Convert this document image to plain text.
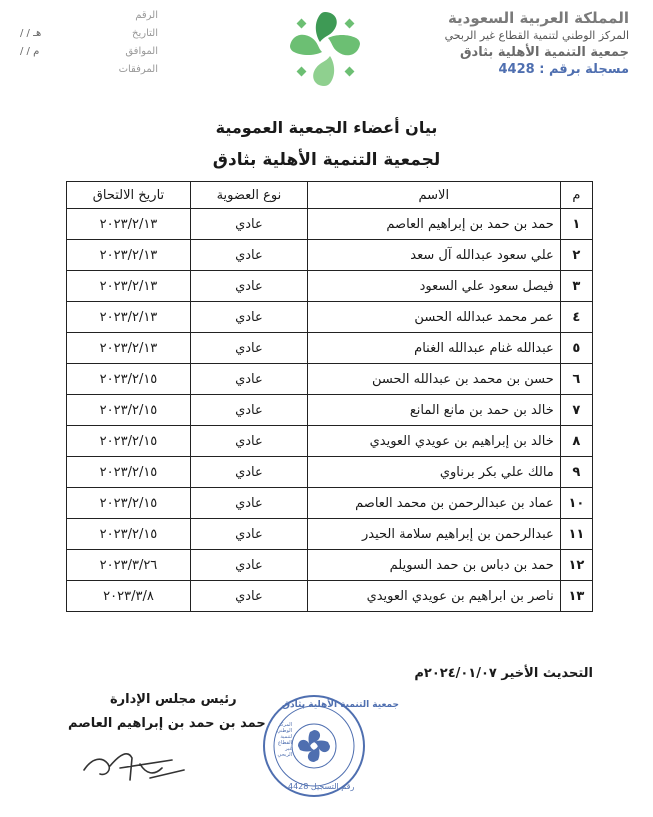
الرقم
التاريخ
/ / هـ
الموافق
/ / م
المرفقات
المملكة العربية السعودية
المركز الوطني لتنمية القطاع غير الربحي
جمعية التنمية الأهلية بثادق
مسجلة برقم : 4428
بيان أعضاء الجمعية العمومية
لجمعية التنمية الأهلية بثادق
م	الاسم	نوع العضوية	تاريخ الالتحاق
١	حمد بن حمد بن إبراهيم العاصم	عادي	٢٠٢٣/٢/١٣
٢	علي سعود عبدالله آل سعد	عادي	٢٠٢٣/٢/١٣
٣	فيصل سعود علي السعود	عادي	٢٠٢٣/٢/١٣
٤	عمر محمد عبدالله الحسن	عادي	٢٠٢٣/٢/١٣
٥	عبدالله غنام عبدالله الغنام	عادي	٢٠٢٣/٢/١٣
٦	حسن بن محمد بن عبدالله الحسن	عادي	٢٠٢٣/٢/١٥
٧	خالد بن حمد بن مانع المانع	عادي	٢٠٢٣/٢/١٥
٨	خالد بن إبراهيم بن عويدي العويدي	عادي	٢٠٢٣/٢/١٥
٩	مالك علي بكر برناوي	عادي	٢٠٢٣/٢/١٥
١٠	عماد بن عبدالرحمن بن محمد العاصم	عادي	٢٠٢٣/٢/١٥
١١	عبدالرحمن بن إبراهيم سلامة الحيدر	عادي	٢٠٢٣/٢/١٥
١٢	حمد بن دباس بن حمد السويلم	عادي	٢٠٢٣/٣/٢٦
١٣	ناصر بن ابراهيم بن عويدي العويدي	عادي	٢٠٢٣/٣/٨
التحديث الأخير ٢٠٢٤/٠١/٠٧م
رئيس مجلس الإدارة
حمد بن حمد بن إبراهيم العاصم
جمعية التنمية الأهلية بثادق
المركز الوطني لتنمية القطاع غير الربحي
رقم التسجيل 4428
